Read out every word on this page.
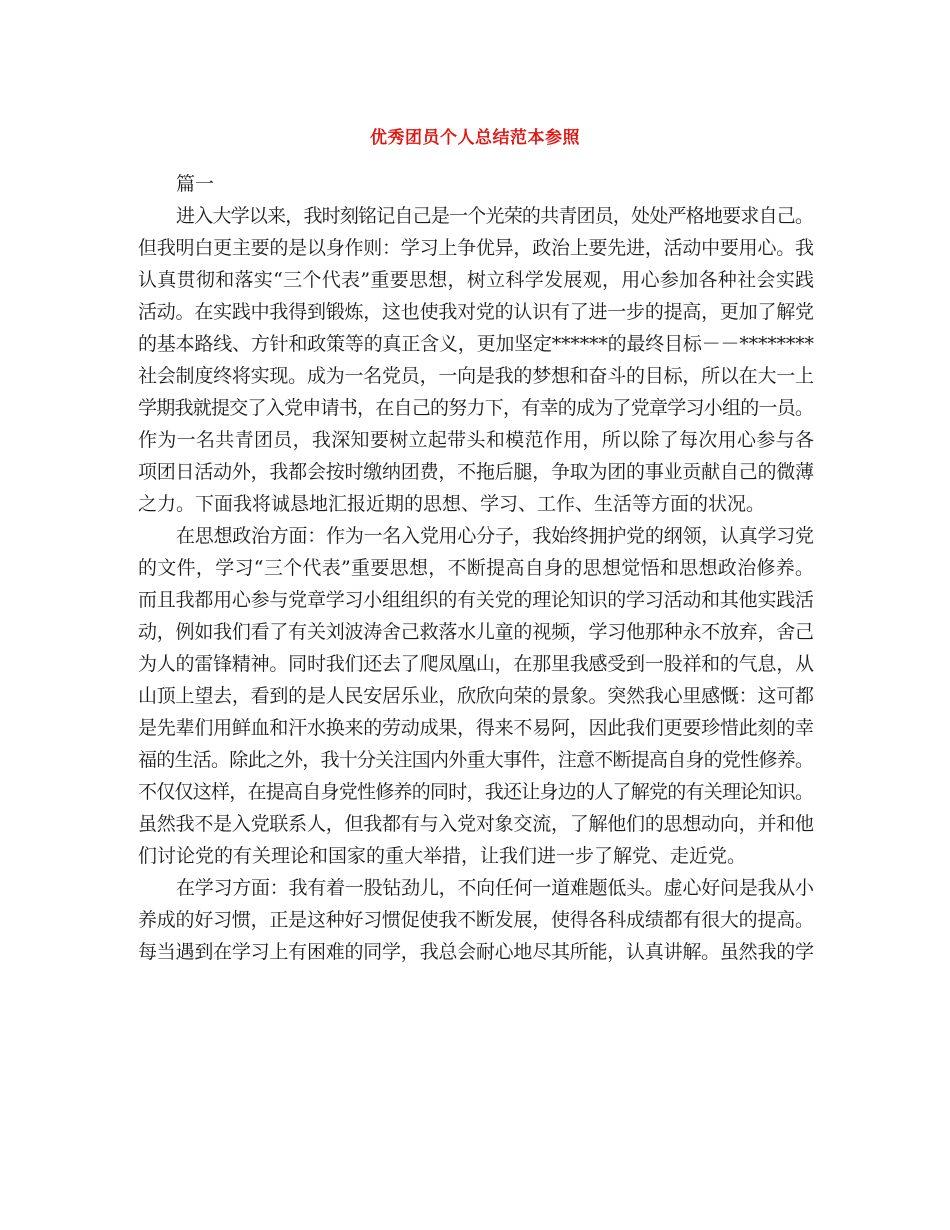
优秀团员个人总结范本参照
篇一
进入大学以来，我时刻铭记自己是一个光荣的共青团员，处处严格地要求自己。
但我明白更主要的是以身作则：学习上争优异，政治上要先进，活动中要用心。我
认真贯彻和落实“三个代表”重要思想，树立科学发展观，用心参加各种社会实践
活动。在实践中我得到锻炼，这也使我对党的认识有了进一步的提高，更加了解党
的基本路线、方针和政策等的真正含义，更加坚定******的最终目标－－********
社会制度终将实现。成为一名党员，一向是我的梦想和奋斗的目标，所以在大一上
学期我就提交了入党申请书，在自己的努力下，有幸的成为了党章学习小组的一员。
作为一名共青团员，我深知要树立起带头和模范作用，所以除了每次用心参与各
项团日活动外，我都会按时缴纳团费，不拖后腿，争取为团的事业贡献自己的微薄
之力。下面我将诚恳地汇报近期的思想、学习、工作、生活等方面的状况。
在思想政治方面：作为一名入党用心分子，我始终拥护党的纲领，认真学习党
的文件，学习“三个代表”重要思想，不断提高自身的思想觉悟和思想政治修养。
而且我都用心参与党章学习小组组织的有关党的理论知识的学习活动和其他实践活
动，例如我们看了有关刘波涛舍己救落水儿童的视频，学习他那种永不放弃，舍己
为人的雷锋精神。同时我们还去了爬凤凰山，在那里我感受到一股祥和的气息，从
山顶上望去，看到的是人民安居乐业，欣欣向荣的景象。突然我心里感慨：这可都
是先辈们用鲜血和汗水换来的劳动成果，得来不易阿，因此我们更要珍惜此刻的幸
福的生活。除此之外，我十分关注国内外重大事件，注意不断提高自身的党性修养。
不仅仅这样，在提高自身党性修养的同时，我还让身边的人了解党的有关理论知识。
虽然我不是入党联系人，但我都有与入党对象交流，了解他们的思想动向，并和他
们讨论党的有关理论和国家的重大举措，让我们进一步了解党、走近党。
在学习方面：我有着一股钻劲儿，不向任何一道难题低头。虚心好问是我从小
养成的好习惯，正是这种好习惯促使我不断发展，使得各科成绩都有很大的提高。
每当遇到在学习上有困难的同学，我总会耐心地尽其所能，认真讲解。虽然我的学
